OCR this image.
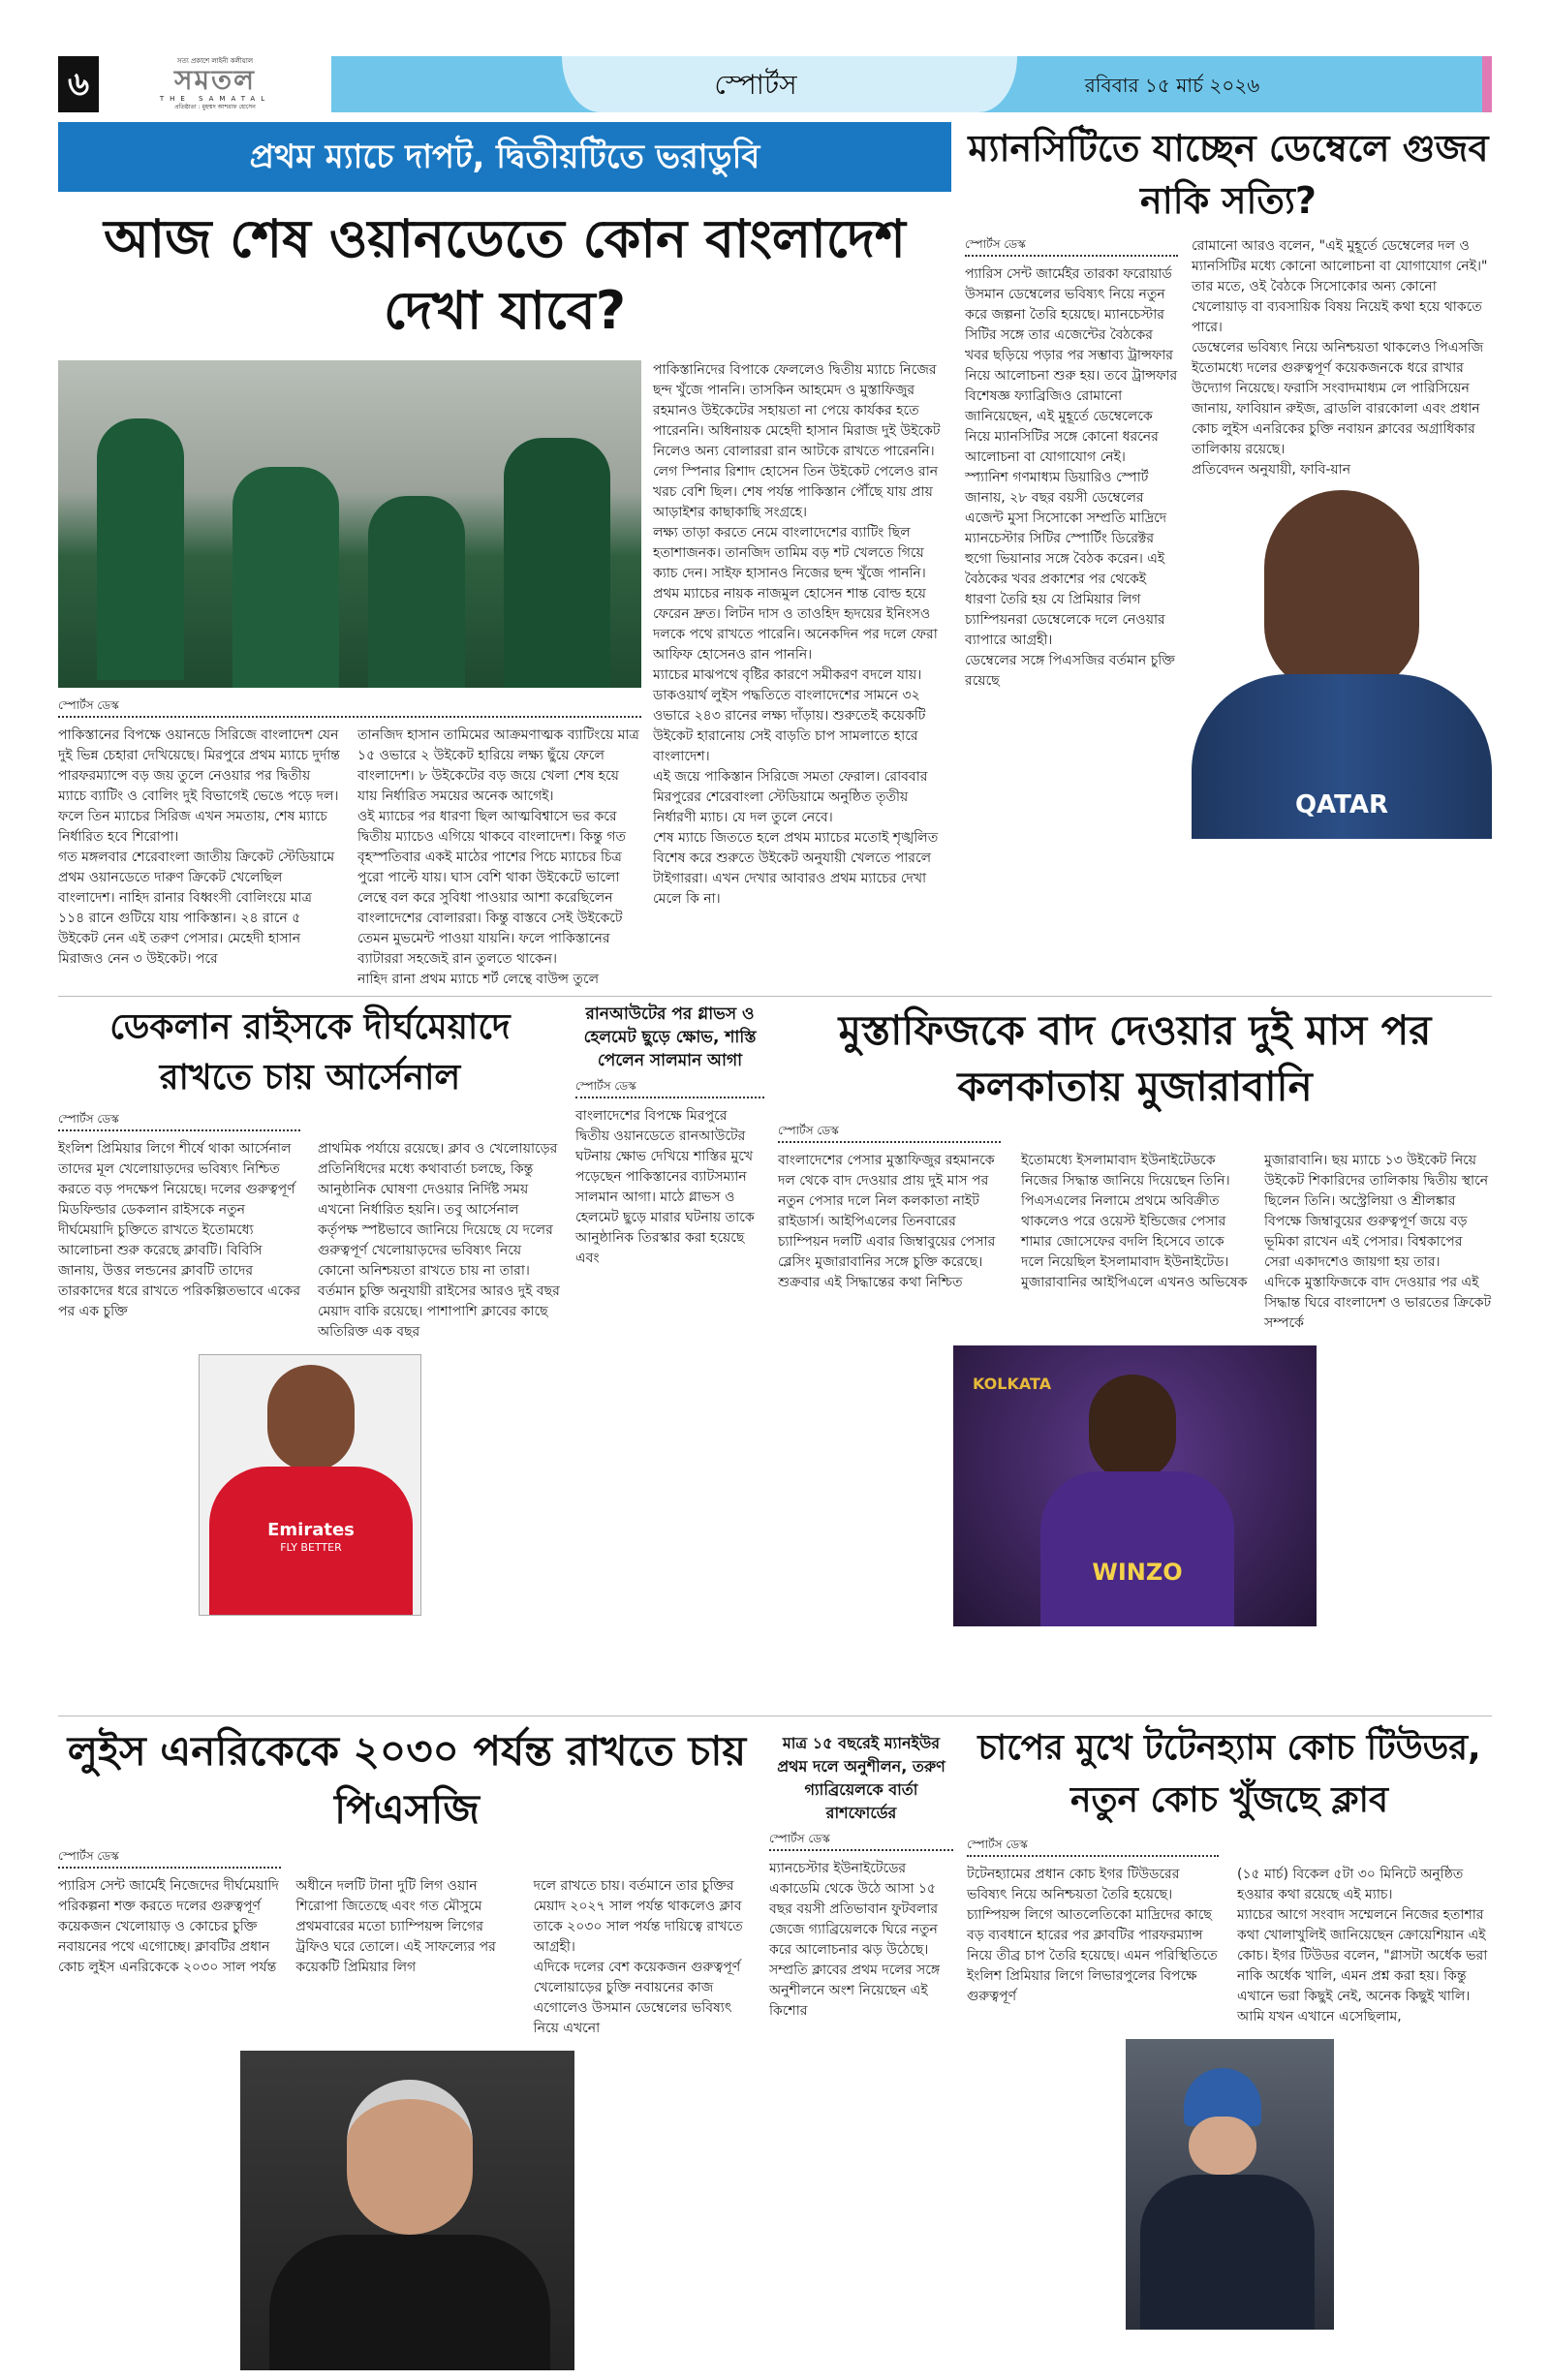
৬
সত্য প্রকাশে লাইনী কলীয়াল
সমতল
THE SAMATAL
প্রতিষ্ঠাতা : মুহম্মদ আশরাফ হোসেন
স্পোর্টস	রবিবার ১৫ মার্চ ২০২৬
প্রথম ম্যাচে দাপট, দ্বিতীয়টিতে ভরাডুবি
আজ শেষ ওয়ানডেতে কোন বাংলাদেশ দেখা যাবে?
স্পোর্টস ডেস্ক

পাকিস্তানের বিপক্ষে ওয়ানডে সিরিজে বাংলাদেশ যেন দুই ভিন্ন চেহারা দেখিয়েছে। মিরপুরে প্রথম ম্যাচে দুর্দান্ত পারফরম্যান্সে বড় জয় তুলে নেওয়ার পর দ্বিতীয় ম্যাচে ব্যাটিং ও বোলিং দুই বিভাগেই ভেঙে পড়ে দল। ফলে তিন ম্যাচের সিরিজ এখন সমতায়, শেষ ম্যাচে নির্ধারিত হবে শিরোপা।

গত মঙ্গলবার শেরেবাংলা জাতীয় ক্রিকেট স্টেডিয়ামে প্রথম ওয়ানডেতে দারুণ ক্রিকেট খেলেছিল বাংলাদেশ। নাহিদ রানার বিধ্বংসী বোলিংয়ে মাত্র ১১৪ রানে গুটিয়ে যায় পাকিস্তান। ২৪ রানে ৫ উইকেট নেন এই তরুণ পেসার। মেহেদী হাসান মিরাজও নেন ৩ উইকেট। পরে

তানজিদ হাসান তামিমের আক্রমণাত্মক ব্যাটিংয়ে মাত্র ১৫ ওভারে ২ উইকেট হারিয়ে লক্ষ্য ছুঁয়ে ফেলে বাংলাদেশ। ৮ উইকেটের বড় জয়ে খেলা শেষ হয়ে যায় নির্ধারিত সময়ের অনেক আগেই।

ওই ম্যাচের পর ধারণা ছিল আত্মবিশ্বাসে ভর করে দ্বিতীয় ম্যাচেও এগিয়ে থাকবে বাংলাদেশ। কিন্তু গত বৃহস্পতিবার একই মাঠের পাশের পিচে ম্যাচের চিত্র পুরো পাল্টে যায়। ঘাস বেশি থাকা উইকেটে ভালো লেন্থে বল করে সুবিধা পাওয়ার আশা করেছিলেন বাংলাদেশের বোলাররা। কিন্তু বাস্তবে সেই উইকেটে তেমন মুভমেন্ট পাওয়া যায়নি। ফলে পাকিস্তানের ব্যাটাররা সহজেই রান তুলতে থাকেন।

নাহিদ রানা প্রথম ম্যাচে শর্ট লেন্থে বাউন্স তুলে

পাকিস্তানিদের বিপাকে ফেললেও দ্বিতীয় ম্যাচে নিজের ছন্দ খুঁজে পাননি। তাসকিন আহমেদ ও মুস্তাফিজুর রহমানও উইকেটের সহায়তা না পেয়ে কার্যকর হতে পারেননি। অধিনায়ক মেহেদী হাসান মিরাজ দুই উইকেট নিলেও অন্য বোলাররা রান আটকে রাখতে পারেননি। লেগ স্পিনার রিশাদ হোসেন তিন উইকেট পেলেও রান খরচ বেশি ছিল। শেষ পর্যন্ত পাকিস্তান পৌঁছে যায় প্রায় আড়াইশর কাছাকাছি সংগ্রহে।

লক্ষ্য তাড়া করতে নেমে বাংলাদেশের ব্যাটিং ছিল হতাশাজনক। তানজিদ তামিম বড় শট খেলতে গিয়ে ক্যাচ দেন। সাইফ হাসানও নিজের ছন্দ খুঁজে পাননি। প্রথম ম্যাচের নায়ক নাজমুল হোসেন শান্ত বোল্ড হয়ে ফেরেন দ্রুত। লিটন দাস ও তাওহিদ হৃদয়ের ইনিংসও দলকে পথে রাখতে পারেনি। অনেকদিন পর দলে ফেরা আফিফ হোসেনও রান পাননি।

ম্যাচের মাঝপথে বৃষ্টির কারণে সমীকরণ বদলে যায়। ডাকওয়ার্থ লুইস পদ্ধতিতে বাংলাদেশের সামনে ৩২ ওভারে ২৪৩ রানের লক্ষ্য দাঁড়ায়। শুরুতেই কয়েকটি উইকেট হারানোয় সেই বাড়তি চাপ সামলাতে হারে বাংলাদেশ।

এই জয়ে পাকিস্তান সিরিজে সমতা ফেরাল। রোববার মিরপুরের শেরেবাংলা স্টেডিয়ামে অনুষ্ঠিত তৃতীয় নির্ধারণী ম্যাচ। যে দল তুলে নেবে।

শেষ ম্যাচে জিততে হলে প্রথম ম্যাচের মতোই শৃঙ্খলিত বিশেষ করে শুরুতে উইকেট অনুযায়ী খেলতে পারলে টাইগাররা। এখন দেখার আবারও প্রথম ম্যাচের দেখা মেলে কি না।

ম্যানসিটিতে যাচ্ছেন ডেম্বেলে গুজব নাকি সত্যি?
স্পোর্টস ডেস্ক

প্যারিস সেন্ট জার্মেইর তারকা ফরোয়ার্ড উসমান ডেম্বেলের ভবিষ্যৎ নিয়ে নতুন করে জল্পনা তৈরি হয়েছে। ম্যানচেস্টার সিটির সঙ্গে তার এজেন্টের বৈঠকের খবর ছড়িয়ে পড়ার পর সম্ভাব্য ট্রান্সফার নিয়ে আলোচনা শুরু হয়। তবে ট্রান্সফার বিশেষজ্ঞ ফ্যাব্রিজিও রোমানো জানিয়েছেন, এই মুহূর্তে ডেম্বেলেকে নিয়ে ম্যানসিটির সঙ্গে কোনো ধরনের আলোচনা বা যোগাযোগ নেই।

স্প্যানিশ গণমাধ্যম ডিয়ারিও স্পোর্ট জানায়, ২৮ বছর বয়সী ডেম্বেলের এজেন্ট মুসা সিসোকো সম্প্রতি মাদ্রিদে ম্যানচেস্টার সিটির স্পোর্টিং ডিরেক্টর হুগো ভিয়ানার সঙ্গে বৈঠক করেন। এই বৈঠকের খবর প্রকাশের পর থেকেই ধারণা তৈরি হয় যে প্রিমিয়ার লিগ চ্যাম্পিয়নরা ডেম্বেলেকে দলে নেওয়ার ব্যাপারে আগ্রহী।

ডেম্বেলের সঙ্গে পিএসজির বর্তমান চুক্তি রয়েছে

রোমানো আরও বলেন, "এই মুহূর্তে ডেম্বেলের দল ও ম্যানসিটির মধ্যে কোনো আলোচনা বা যোগাযোগ নেই।" তার মতে, ওই বৈঠকে সিসোকোর অন্য কোনো খেলোয়াড় বা ব্যবসায়িক বিষয় নিয়েই কথা হয়ে থাকতে পারে।

ডেম্বেলের ভবিষ্যৎ নিয়ে অনিশ্চয়তা থাকলেও পিএসজি ইতোমধ্যে দলের গুরুত্বপূর্ণ কয়েকজনকে ধরে রাখার উদ্যোগ নিয়েছে। ফরাসি সংবাদমাধ্যম লে পারিসিয়েন জানায়, ফাবিয়ান রুইজ, ব্রাডলি বারকোলা এবং প্রধান কোচ লুইস এনরিকের চুক্তি নবায়ন ক্লাবের অগ্রাধিকার তালিকায় রয়েছে।

প্রতিবেদন অনুযায়ী, ফাবি-য়ান

QATAR
ডেকলান রাইসকে দীর্ঘমেয়াদে রাখতে চায় আর্সেনাল
স্পোর্টস ডেস্ক

ইংলিশ প্রিমিয়ার লিগে শীর্ষে থাকা আর্সেনাল তাদের মূল খেলোয়াড়দের ভবিষ্যৎ নিশ্চিত করতে বড় পদক্ষেপ নিয়েছে। দলের গুরুত্বপূর্ণ মিডফিল্ডার ডেকলান রাইসকে নতুন দীর্ঘমেয়াদি চুক্তিতে রাখতে ইতোমধ্যে আলোচনা শুরু করেছে ক্লাবটি। বিবিসি জানায়, উত্তর লন্ডনের ক্লাবটি তাদের তারকাদের ধরে রাখতে পরিকল্পিতভাবে একের পর এক চুক্তি

প্রাথমিক পর্যায়ে রয়েছে। ক্লাব ও খেলোয়াড়ের প্রতিনিধিদের মধ্যে কথাবার্তা চলছে, কিন্তু আনুষ্ঠানিক ঘোষণা দেওয়ার নির্দিষ্ট সময় এখনো নির্ধারিত হয়নি। তবু আর্সেনাল কর্তৃপক্ষ স্পষ্টভাবে জানিয়ে দিয়েছে যে দলের গুরুত্বপূর্ণ খেলোয়াড়দের ভবিষ্যৎ নিয়ে কোনো অনিশ্চয়তা রাখতে চায় না তারা।

বর্তমান চুক্তি অনুযায়ী রাইসের আরও দুই বছর মেয়াদ বাকি রয়েছে। পাশাপাশি ক্লাবের কাছে অতিরিক্ত এক বছর

Emirates
FLY BETTER
রানআউটের পর গ্লাভস ও হেলমেট ছুড়ে ক্ষোভ, শাস্তি পেলেন সালমান আগা
স্পোর্টস ডেস্ক

বাংলাদেশের বিপক্ষে মিরপুরে দ্বিতীয় ওয়ানডেতে রানআউটের ঘটনায় ক্ষোভ দেখিয়ে শাস্তির মুখে পড়েছেন পাকিস্তানের ব্যাটসম্যান সালমান আগা। মাঠে গ্লাভস ও হেলমেট ছুড়ে মারার ঘটনায় তাকে আনুষ্ঠানিক তিরস্কার করা হয়েছে এবং

মুস্তাফিজকে বাদ দেওয়ার দুই মাস পর কলকাতায় মুজারাবানি
স্পোর্টস ডেস্ক

বাংলাদেশের পেসার মুস্তাফিজুর রহমানকে দল থেকে বাদ দেওয়ার প্রায় দুই মাস পর নতুন পেসার দলে নিল কলকাতা নাইট রাইডার্স। আইপিএলের তিনবারের চ্যাম্পিয়ন দলটি এবার জিম্বাবুয়ের পেসার ব্লেসিং মুজারাবানির সঙ্গে চুক্তি করেছে। শুক্রবার এই সিদ্ধান্তের কথা নিশ্চিত

ইতোমধ্যে ইসলামাবাদ ইউনাইটেডকে নিজের সিদ্ধান্ত জানিয়ে দিয়েছেন তিনি। পিএসএলের নিলামে প্রথমে অবিক্রীত থাকলেও পরে ওয়েস্ট ইন্ডিজের পেসার শামার জোসেফের বদলি হিসেবে তাকে দলে নিয়েছিল ইসলামাবাদ ইউনাইটেড। মুজারাবানির আইপিএলে এখনও অভিষেক

মুজারাবানি। ছয় ম্যাচে ১৩ উইকেট নিয়ে উইকেট শিকারিদের তালিকায় দ্বিতীয় স্থানে ছিলেন তিনি। অস্ট্রেলিয়া ও শ্রীলঙ্কার বিপক্ষে জিম্বাবুয়ের গুরুত্বপূর্ণ জয়ে বড় ভূমিকা রাখেন এই পেসার। বিশ্বকাপের সেরা একাদশেও জায়গা হয় তার।

এদিকে মুস্তাফিজকে বাদ দেওয়ার পর এই সিদ্ধান্ত ঘিরে বাংলাদেশ ও ভারতের ক্রিকেট সম্পর্কে

KOLKATA
WINZO
লুইস এনরিকেকে ২০৩০ পর্যন্ত রাখতে চায় পিএসজি
স্পোর্টস ডেস্ক

প্যারিস সেন্ট জার্মেই নিজেদের দীর্ঘমেয়াদি পরিকল্পনা শক্ত করতে দলের গুরুত্বপূর্ণ কয়েকজন খেলোয়াড় ও কোচের চুক্তি নবায়নের পথে এগোচ্ছে। ক্লাবটির প্রধান কোচ লুইস এনরিকেকে ২০৩০ সাল পর্যন্ত

অধীনে দলটি টানা দুটি লিগ ওয়ান শিরোপা জিতেছে এবং গত মৌসুমে প্রথমবারের মতো চ্যাম্পিয়ন্স লিগের ট্রফিও ঘরে তোলে। এই সাফল্যের পর কয়েকটি প্রিমিয়ার লিগ

দলে রাখতে চায়। বর্তমানে তার চুক্তির মেয়াদ ২০২৭ সাল পর্যন্ত থাকলেও ক্লাব তাকে ২০৩০ সাল পর্যন্ত দায়িত্বে রাখতে আগ্রহী।

এদিকে দলের বেশ কয়েকজন গুরুত্বপূর্ণ খেলোয়াড়ের চুক্তি নবায়নের কাজ এগোলেও উসমান ডেম্বেলের ভবিষ্যৎ নিয়ে এখনো

মাত্র ১৫ বছরেই ম্যানইউর প্রথম দলে অনুশীলন, তরুণ গ্যাব্রিয়েলকে বার্তা রাশফোর্ডের
স্পোর্টস ডেস্ক

ম্যানচেস্টার ইউনাইটেডের একাডেমি থেকে উঠে আসা ১৫ বছর বয়সী প্রতিভাবান ফুটবলার জেজে গ্যাব্রিয়েলকে ঘিরে নতুন করে আলোচনার ঝড় উঠেছে। সম্প্রতি ক্লাবের প্রথম দলের সঙ্গে অনুশীলনে অংশ নিয়েছেন এই কিশোর

চাপের মুখে টটেনহ্যাম কোচ টিউডর, নতুন কোচ খুঁজছে ক্লাব
স্পোর্টস ডেস্ক

টটেনহ্যামের প্রধান কোচ ইগর টিউডরের ভবিষ্যৎ নিয়ে অনিশ্চয়তা তৈরি হয়েছে। চ্যাম্পিয়ন্স লিগে আতলেতিকো মাদ্রিদের কাছে বড় ব্যবধানে হারের পর ক্লাবটির পারফরম্যান্স নিয়ে তীব্র চাপ তৈরি হয়েছে। এমন পরিস্থিতিতে ইংলিশ প্রিমিয়ার লিগে লিভারপুলের বিপক্ষে গুরুত্বপূর্ণ

(১৫ মার্চ) বিকেল ৫টা ৩০ মিনিটে অনুষ্ঠিত হওয়ার কথা রয়েছে এই ম্যাচ।

ম্যাচের আগে সংবাদ সম্মেলনে নিজের হতাশার কথা খোলাখুলিই জানিয়েছেন ক্রোয়েশিয়ান এই কোচ। ইগর টিউডর বলেন, "গ্লাসটা অর্ধেক ভরা নাকি অর্ধেক খালি, এমন প্রশ্ন করা হয়। কিন্তু এখানে ভরা কিছুই নেই, অনেক কিছুই খালি। আমি যখন এখানে এসেছিলাম,
